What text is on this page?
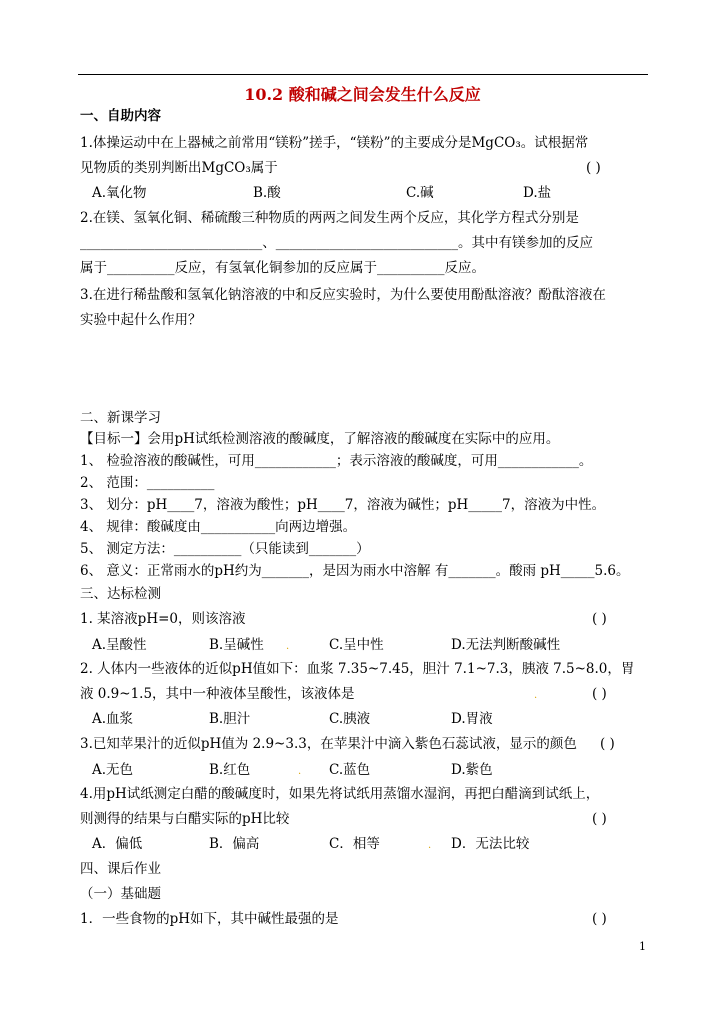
10.2 酸和碱之间会发生什么反应
一、自助内容
1.体操运动中在上器械之前常用“镁粉”搓手，“镁粉”的主要成分是MgCO₃。试根据常
见物质的类别判断出MgCO₃属于	( )
A.氧化物	B.酸	C.碱	D.盐
2.在镁、氢氧化铜、稀硫酸三种物质的两两之间发生两个反应，其化学方程式分别是
___________________________、___________________________。其中有镁参加的反应
属于__________反应，有氢氧化铜参加的反应属于__________反应。
3.在进行稀盐酸和氢氧化钠溶液的中和反应实验时，为什么要使用酚酞溶液？酚酞溶液在
实验中起什么作用？
二、新课学习
【目标一】会用pH试纸检测溶液的酸碱度，了解溶液的酸碱度在实际中的应用。
1、 检验溶液的酸碱性，可用____________；表示溶液的酸碱度，可用____________。
2、 范围：__________
3、 划分：pH____7，溶液为酸性；pH____7，溶液为碱性；pH_____7，溶液为中性。
4、 规律：酸碱度由___________向两边增强。
5、 测定方法：__________（只能读到_______）
6、 意义：正常雨水的pH约为_______，是因为雨水中溶解 有_______。酸雨 pH_____5.6。
三、达标检测
1. 某溶液pH=0，则该溶液	( )
A.呈酸性	B.呈碱性	C.呈中性	D.无法判断酸碱性
.
2. 人体内一些液体的近似pH值如下：血浆 7.35~7.45，胆汁 7.1~7.3，胰液 7.5~8.0，胃
液 0.9~1.5，其中一种液体呈酸性，该液体是	( )
.
A.血浆	B.胆汁	C.胰液	D.胃液
3.已知苹果汁的近似pH值为 2.9~3.3，在苹果汁中滴入紫色石蕊试液，显示的颜色 ( )
A.无色	B.红色	C.蓝色	D.紫色
.
4.用pH试纸测定白醋的酸碱度时，如果先将试纸用蒸馏水湿润，再把白醋滴到试纸上，
则测得的结果与白醋实际的pH比较	( )
A．偏低	B．偏高	C．相等	D．无法比较
.
四、课后作业
（一）基础题
1．一些食物的pH如下，其中碱性最强的是	( )
1
